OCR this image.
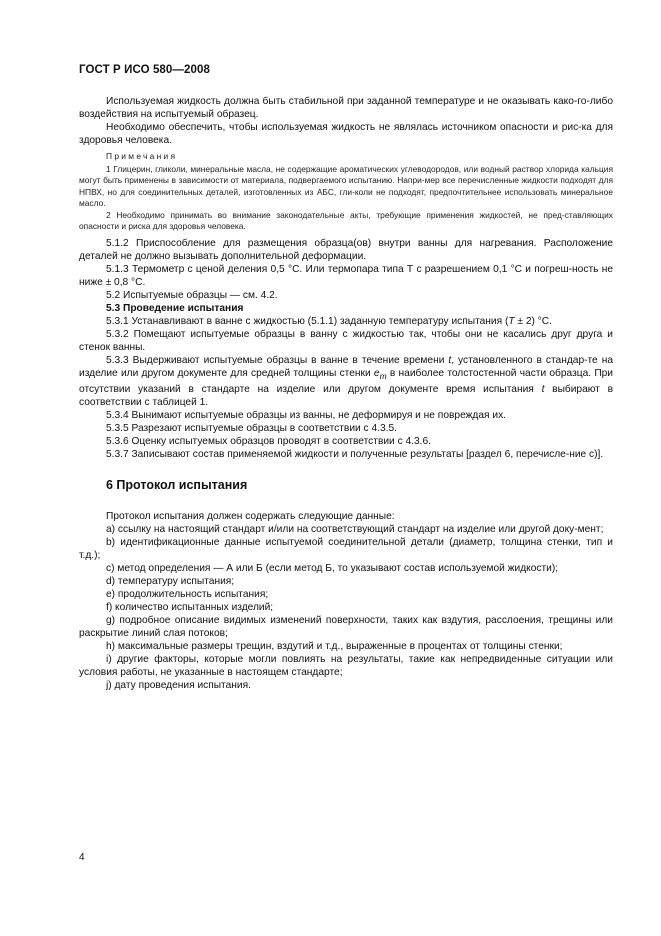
ГОСТ Р ИСО 580—2008

Используемая жидкость должна быть стабильной при заданной температуре и не оказывать како-го-либо воздействия на испытуемый образец.

Необходимо обеспечить, чтобы используемая жидкость не являлась источником опасности и рис-ка для здоровья человека.

Примечания

1 Глицерин, гликоли, минеральные масла, не содержащие ароматических углеводородов, или водный раствор хлорида кальция могут быть применены в зависимости от материала, подвергаемого испытанию. Напри-мер все перечисленные жидкости подходят для НПВХ, но для соединительных деталей, изготовленных из АБС, гли-коли не подходят, предпочтительнее использовать минеральное масло.

2 Необходимо принимать во внимание законодательные акты, требующие применения жидкостей, не пред-ставляющих опасности и риска для здоровья человека.

5.1.2 Приспособление для размещения образца(ов) внутри ванны для нагревания. Расположение деталей не должно вызывать дополнительной деформации.

5.1.3 Термометр с ценой деления 0,5 °С. Или термопара типа Т с разрешением 0,1 °С и погреш-ность не ниже ± 0,8 °С.

5.2 Испытуемые образцы — см. 4.2.

5.3 Проведение испытания

5.3.1 Устанавливают в ванне с жидкостью (5.1.1) заданную температуру испытания (T ± 2) °С.

5.3.2 Помещают испытуемые образцы в ванну с жидкостью так, чтобы они не касались друг друга и стенок ванны.

5.3.3 Выдерживают испытуемые образцы в ванне в течение времени t, установленного в стандар-те на изделие или другом документе для средней толщины стенки $e_m$ в наиболее толстостенной части образца. При отсутствии указаний в стандарте на изделие или другом документе время испытания t выбирают в соответствии с таблицей 1.

5.3.4 Вынимают испытуемые образцы из ванны, не деформируя и не повреждая их.

5.3.5 Разрезают испытуемые образцы в соответствии с 4.3.5.

5.3.6 Оценку испытуемых образцов проводят в соответствии с 4.3.6.

5.3.7 Записывают состав применяемой жидкости и полученные результаты [раздел 6, перечисле-ние с)].

6 Протокол испытания

Протокол испытания должен содержать следующие данные:

a) ссылку на настоящий стандарт и/или на соответствующий стандарт на изделие или другой доку-мент;

b) идентификационные данные испытуемой соединительной детали (диаметр, толщина стенки, тип и т.д.);

c) метод определения — А или Б (если метод Б, то указывают состав используемой жидкости);

d) температуру испытания;

e) продолжительность испытания;

f) количество испытанных изделий;

g) подробное описание видимых изменений поверхности, таких как вздутия, расслоения, трещины или раскрытие линий слая потоков;

h) максимальные размеры трещин, вздутий и т.д., выраженные в процентах от толщины стенки;

i) другие факторы, которые могли повлиять на результаты, такие как непредвиденные ситуации или условия работы, не указанные в настоящем стандарте;

j) дату проведения испытания.

4
